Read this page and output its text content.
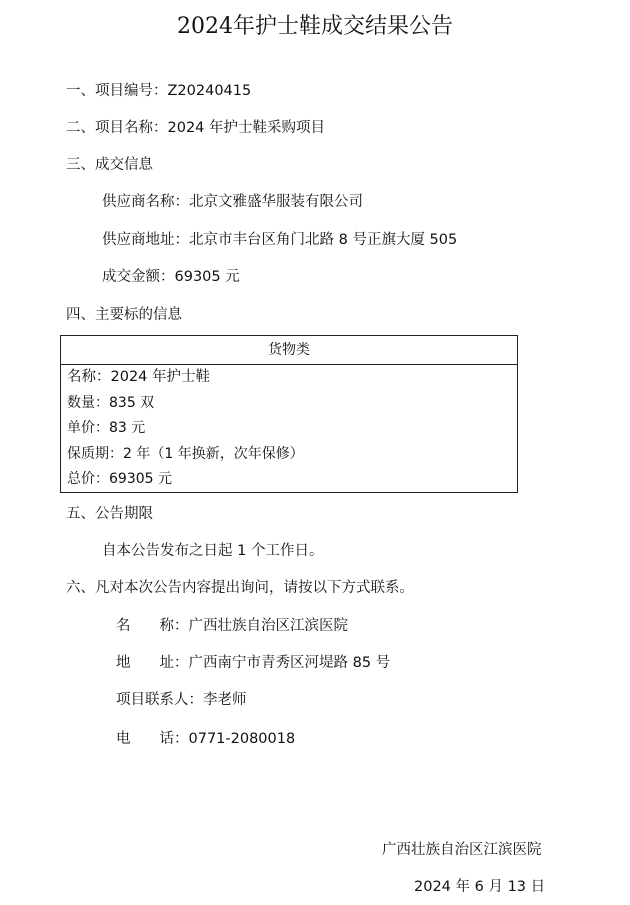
2024年护士鞋成交结果公告
一、项目编号：Z20240415
二、项目名称：2024 年护士鞋采购项目
三、成交信息
供应商名称：北京文雅盛华服装有限公司
供应商地址：北京市丰台区角门北路 8 号正旗大厦 505
成交金额：69305 元
四、主要标的信息
货物类
名称：2024 年护士鞋
数量：835 双
单价：83 元
保质期：2 年（1 年换新，次年保修）
总价：69305 元
五、公告期限
自本公告发布之日起 1 个工作日。
六、凡对本次公告内容提出询问，请按以下方式联系。
名　　称：广西壮族自治区江滨医院
地　　址：广西南宁市青秀区河堤路 85 号
项目联系人：李老师
电　　话：0771-2080018
广西壮族自治区江滨医院
2024 年 6 月 13 日
